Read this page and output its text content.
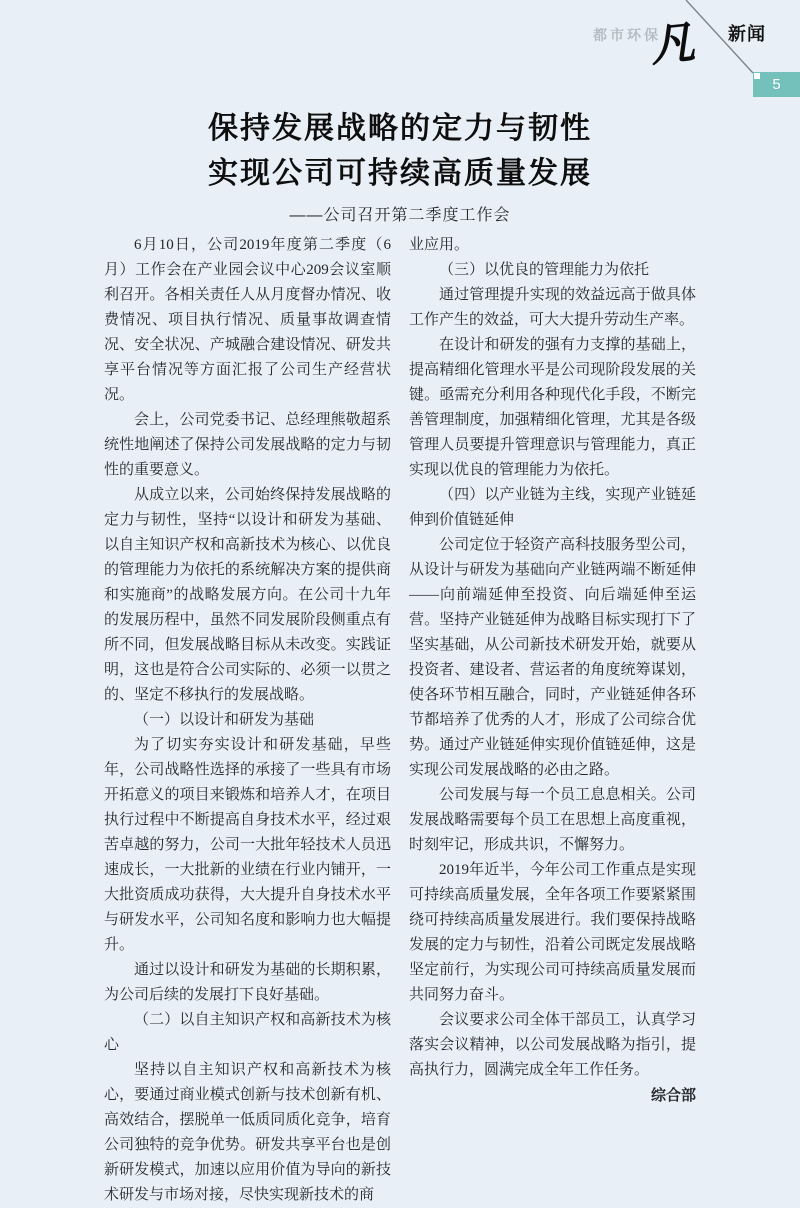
都市环保
凡 新闻
5
保持发展战略的定力与韧性
实现公司可持续高质量发展
——公司召开第二季度工作会

6月10日，公司2019年度第二季度（6月）工作会在产业园会议中心209会议室顺利召开。各相关责任人从月度督办情况、收费情况、项目执行情况、质量事故调查情况、安全状况、产城融合建设情况、研发共享平台情况等方面汇报了公司生产经营状况。

会上，公司党委书记、总经理熊敬超系统性地阐述了保持公司发展战略的定力与韧性的重要意义。

从成立以来，公司始终保持发展战略的定力与韧性，坚持“以设计和研发为基础、以自主知识产权和高新技术为核心、以优良的管理能力为依托的系统解决方案的提供商和实施商”的战略发展方向。在公司十九年的发展历程中，虽然不同发展阶段侧重点有所不同，但发展战略目标从未改变。实践证明，这也是符合公司实际的、必须一以贯之的、坚定不移执行的发展战略。

（一）以设计和研发为基础

为了切实夯实设计和研发基础，早些年，公司战略性选择的承接了一些具有市场开拓意义的项目来锻炼和培养人才，在项目执行过程中不断提高自身技术水平，经过艰苦卓越的努力，公司一大批年轻技术人员迅速成长，一大批新的业绩在行业内铺开，一大批资质成功获得，大大提升自身技术水平与研发水平，公司知名度和影响力也大幅提升。

通过以设计和研发为基础的长期积累，为公司后续的发展打下良好基础。

（二）以自主知识产权和高新技术为核心

坚持以自主知识产权和高新技术为核心，要通过商业模式创新与技术创新有机、高效结合，摆脱单一低质同质化竞争，培育公司独特的竞争优势。研发共享平台也是创新研发模式，加速以应用价值为导向的新技术研发与市场对接，尽快实现新技术的商

业应用。

（三）以优良的管理能力为依托

通过管理提升实现的效益远高于做具体工作产生的效益，可大大提升劳动生产率。

在设计和研发的强有力支撑的基础上，提高精细化管理水平是公司现阶段发展的关键。亟需充分利用各种现代化手段，不断完善管理制度，加强精细化管理，尤其是各级管理人员要提升管理意识与管理能力，真正实现以优良的管理能力为依托。

（四）以产业链为主线，实现产业链延伸到价值链延伸

公司定位于轻资产高科技服务型公司，从设计与研发为基础向产业链两端不断延伸——向前端延伸至投资、向后端延伸至运营。坚持产业链延伸为战略目标实现打下了坚实基础，从公司新技术研发开始，就要从投资者、建设者、营运者的角度统筹谋划，使各环节相互融合，同时，产业链延伸各环节都培养了优秀的人才，形成了公司综合优势。通过产业链延伸实现价值链延伸，这是实现公司发展战略的必由之路。

公司发展与每一个员工息息相关。公司发展战略需要每个员工在思想上高度重视，时刻牢记，形成共识，不懈努力。

2019年近半，今年公司工作重点是实现可持续高质量发展，全年各项工作要紧紧围绕可持续高质量发展进行。我们要保持战略发展的定力与韧性，沿着公司既定发展战略坚定前行，为实现公司可持续高质量发展而共同努力奋斗。

会议要求公司全体干部员工，认真学习落实会议精神，以公司发展战略为指引，提高执行力，圆满完成全年工作任务。

综合部
